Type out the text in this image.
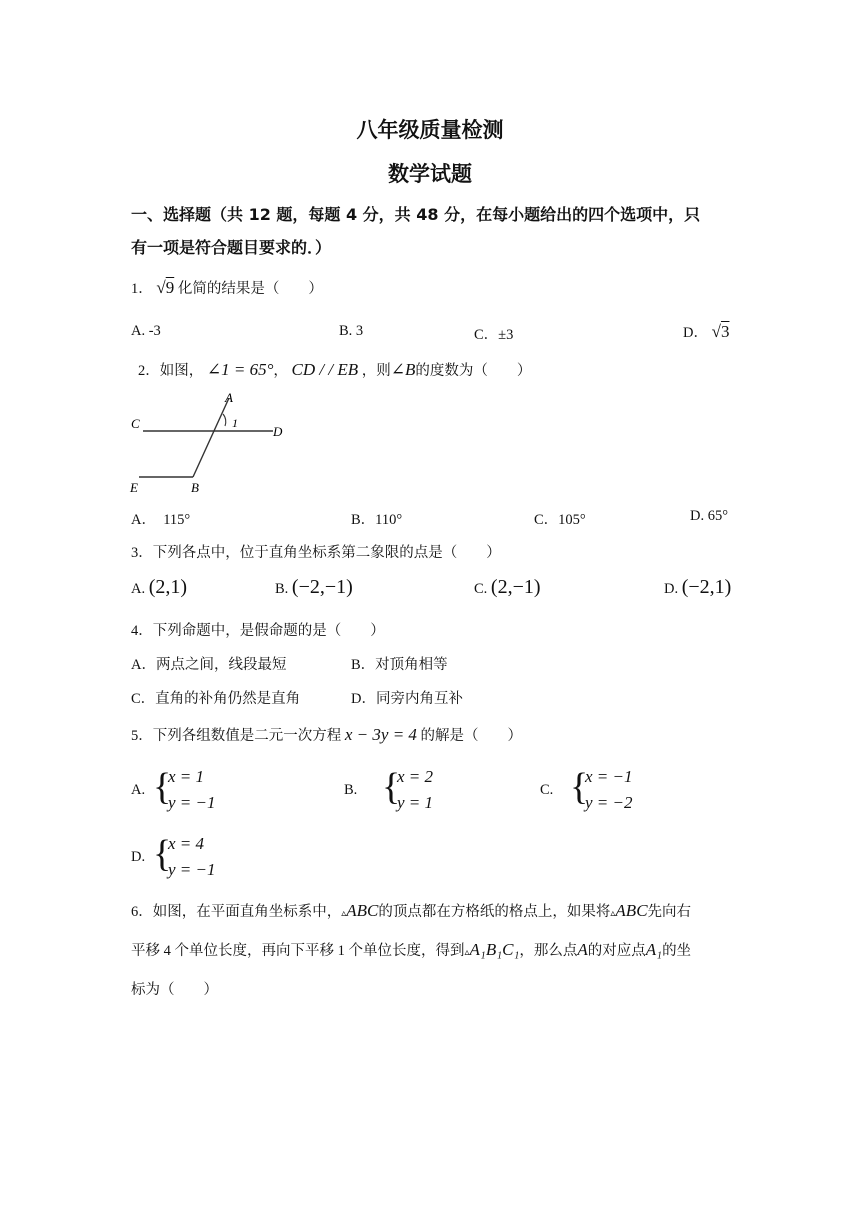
八年级质量检测
数学试题
一、选择题（共 12 题，每题 4 分，共 48 分，在每小题给出的四个选项中，只
有一项是符合题目要求的．）
1． √9 化简的结果是（　　）
A. -3	B. 3	C．±3	D． √3
2．如图， ∠1 = 65°， CD / / EB ，则∠B的度数为（　　）
A
1
C
D
E	B
A．　115°	B．110°	C．105°	D. 65°
3．下列各点中，位于直角坐标系第二象限的点是（　　）
A. (2,1)	B. (−2,−1)	C. (2,−1)	D. (−2,1)
4．下列命题中，是假命题的是（　　）
A．两点之间，线段最短	B．对顶角相等
C．直角的补角仍然是直角	D．同旁内角互补
5．下列各组数值是二元一次方程 x − 3y = 4 的解是（　　）
A. {
x = 1
y = −1
B. {
x = 2
y = 1
C. {
x = −1
y = −2
D. {
x = 4
y = −1
6．如图，在平面直角坐标系中，▵ABC的顶点都在方格纸的格点上，如果将▵ABC先向右
平移 4 个单位长度，再向下平移 1 个单位长度，得到▵A₁B₁C₁，那么点A的对应点A₁的坐
标为（　　）
